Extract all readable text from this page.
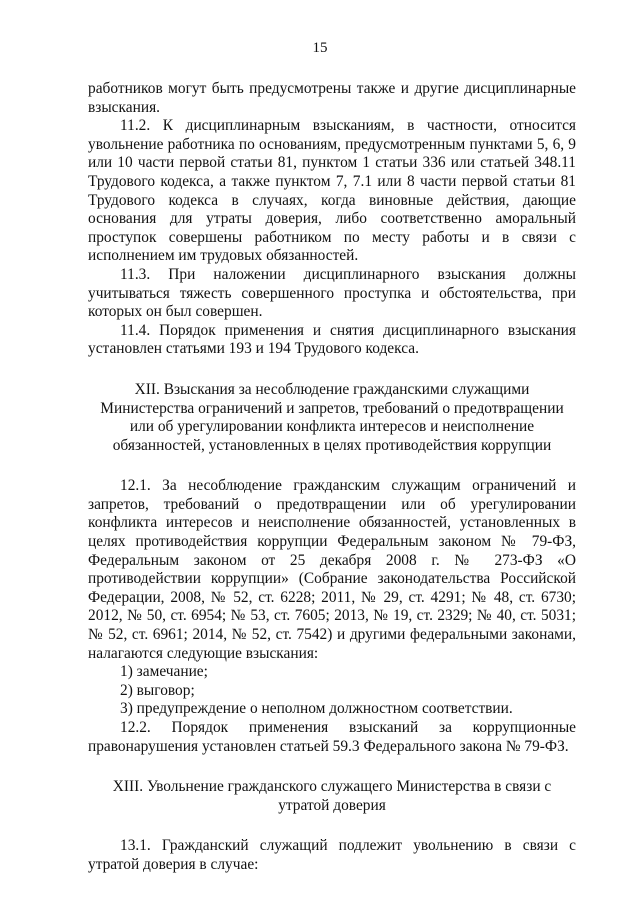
15

работников могут быть предусмотрены также и другие дисциплинарные взыскания.

11.2. К дисциплинарным взысканиям, в частности, относится увольнение работника по основаниям, предусмотренным пунктами 5, 6, 9 или 10 части первой статьи 81, пунктом 1 статьи 336 или статьей 348.11 Трудового кодекса, а также пунктом 7, 7.1 или 8 части первой статьи 81 Трудового кодекса в случаях, когда виновные действия, дающие основания для утраты доверия, либо соответственно аморальный проступок совершены работником по месту работы и в связи с исполнением им трудовых обязанностей.

11.3. При наложении дисциплинарного взыскания должны учитываться тяжесть совершенного проступка и обстоятельства, при которых он был совершен.

11.4. Порядок применения и снятия дисциплинарного взыскания установлен статьями 193 и 194 Трудового кодекса.

XII. Взыскания за несоблюдение гражданскими служащими Министерства ограничений и запретов, требований о предотвращении или об урегулировании конфликта интересов и неисполнение обязанностей, установленных в целях противодействия коррупции

12.1. За несоблюдение гражданским служащим ограничений и запретов, требований о предотвращении или об урегулировании конфликта интересов и неисполнение обязанностей, установленных в целях противодействия коррупции Федеральным законом № 79-ФЗ, Федеральным законом от 25 декабря 2008 г. № 273-ФЗ «О противодействии коррупции» (Собрание законодательства Российской Федерации, 2008, № 52, ст. 6228; 2011, № 29, ст. 4291; № 48, ст. 6730; 2012, № 50, ст. 6954; № 53, ст. 7605; 2013, № 19, ст. 2329; № 40, ст. 5031; № 52, ст. 6961; 2014, № 52, ст. 7542) и другими федеральными законами, налагаются следующие взыскания:

1) замечание;

2) выговор;

3) предупреждение о неполном должностном соответствии.

12.2. Порядок применения взысканий за коррупционные правонарушения установлен статьей 59.3 Федерального закона № 79-ФЗ.

XIII. Увольнение гражданского служащего Министерства в связи с утратой доверия

13.1. Гражданский служащий подлежит увольнению в связи с утратой доверия в случае:
